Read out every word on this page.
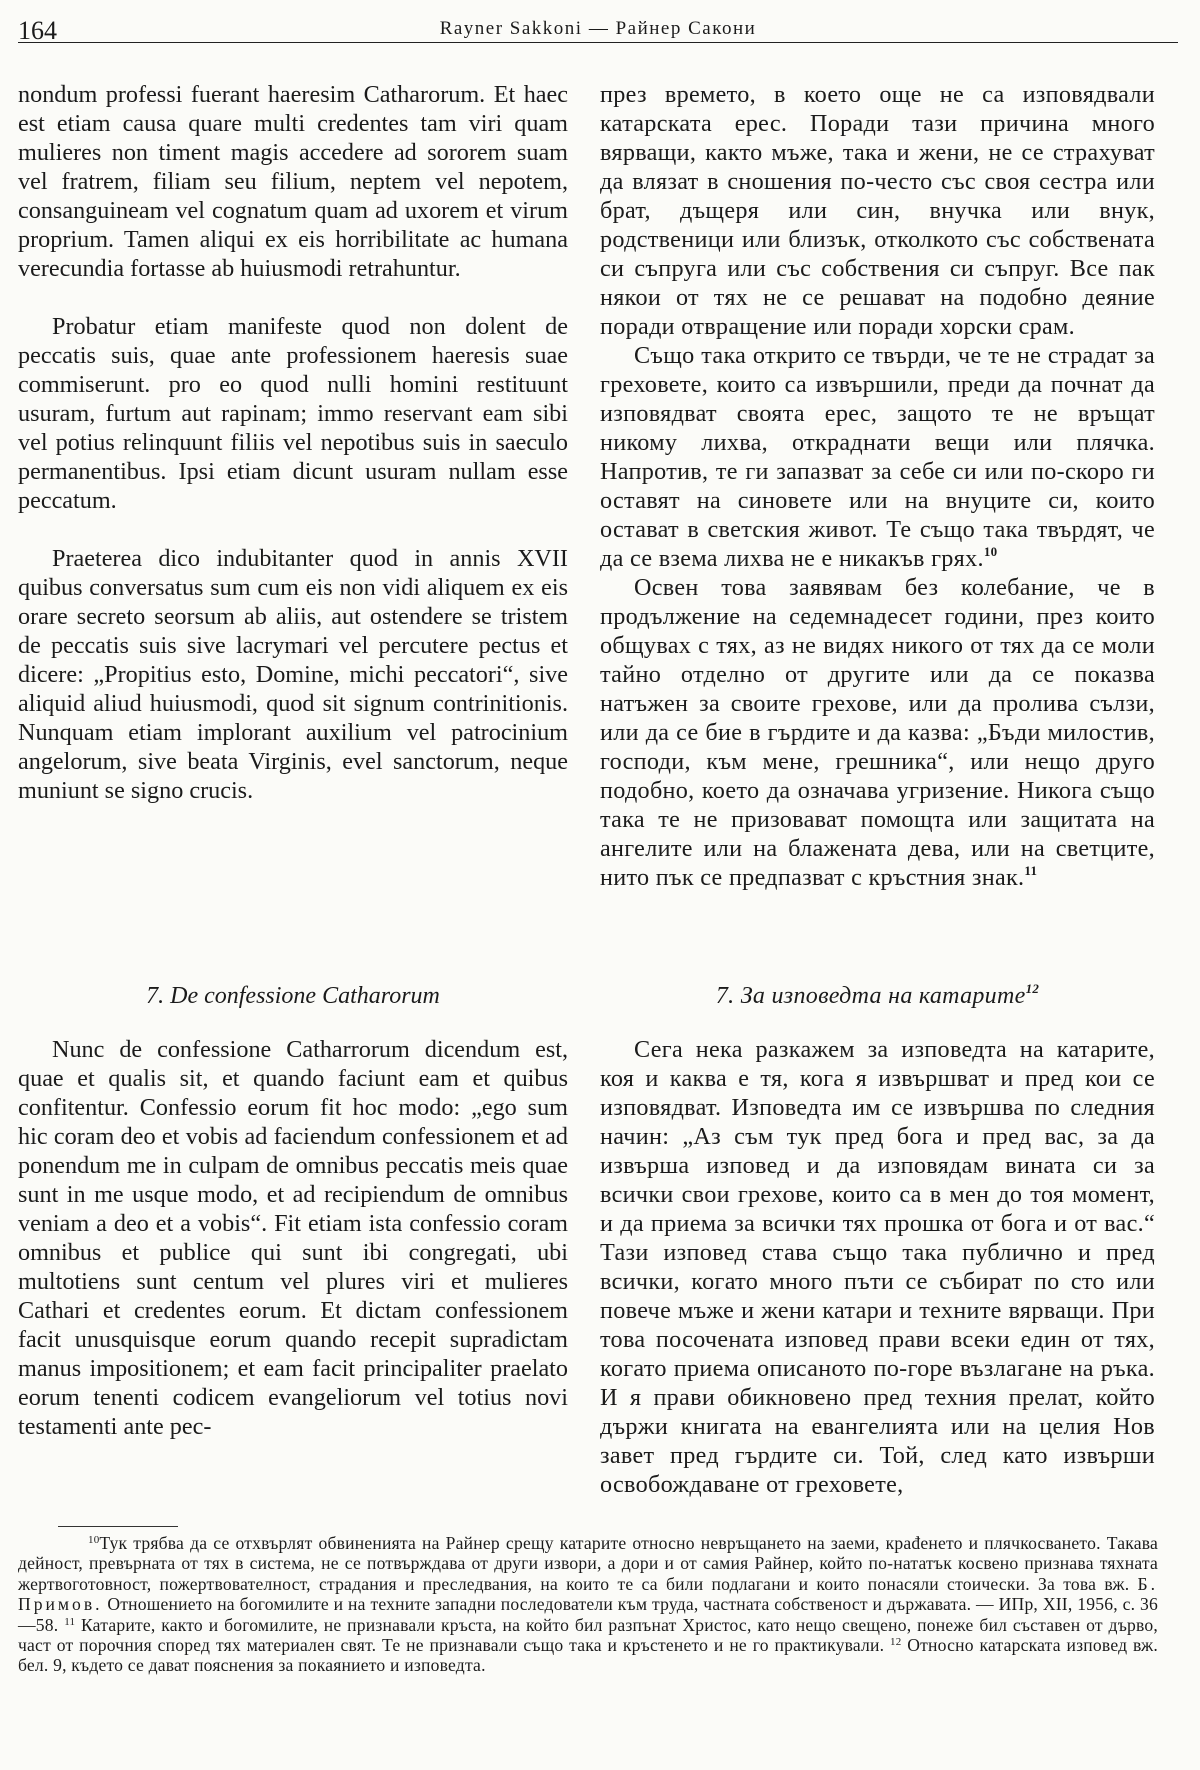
164	Rayner Sakkoni — Райнер Сакони

nondum professi fuerant haeresim Catharorum. Et haec est etiam causa quare multi credentes tam viri quam mulieres non timent magis accedere ad sororem suam vel fratrem, filiam seu filium, neptem vel nepotem, consanguineam vel cognatum quam ad uxorem et virum proprium. Tamen aliqui ex eis horribilitate ac humana verecundia fortasse ab huiusmodi retrahuntur.

Probatur etiam manifeste quod non dolent de peccatis suis, quae ante professionem haeresis suae commiserunt. pro eo quod nulli homini restituunt usuram, furtum aut rapinam; immo reservant eam sibi vel potius relinquunt filiis vel nepotibus suis in saeculo permanentibus. Ipsi etiam dicunt usuram nullam esse peccatum.

Praeterea dico indubitanter quod in annis XVII quibus conversatus sum cum eis non vidi aliquem ex eis orare secreto seorsum ab aliis, aut ostendere se tristem de peccatis suis sive lacrymari vel percutere pectus et dicere: „Propitius esto, Domine, michi peccatori“, sive aliquid aliud huiusmodi, quod sit signum contrinitionis. Nunquam etiam implorant auxilium vel patrocinium angelorum, sive beata Virginis, evel sanctorum, neque muniunt se signo crucis.

7. De confessione Catharorum

Nunc de confessione Catharrorum dicendum est, quae et qualis sit, et quando faciunt eam et quibus confitentur. Confessio eorum fit hoc modo: „ego sum hic coram deo et vobis ad faciendum confessionem et ad ponendum me in culpam de omnibus peccatis meis quae sunt in me usque modo, et ad recipiendum de omnibus veniam a deo et a vobis“. Fit etiam ista confessio coram omnibus et publice qui sunt ibi congregati, ubi multotiens sunt centum vel plures viri et mulieres Cathari et credentes eorum. Et dictam confessionem facit unusquisque eorum quando recepit supradictam manus impositionem; et eam facit principaliter praelato eorum tenenti codicem evangeliorum vel totius novi testamenti ante pec-

през времето, в което още не са изповядвали катарската ерес. Поради тази причина много вярващи, както мъже, така и жени, не се страхуват да влязат в сношения по-често със своя сестра или брат, дъщеря или син, внучка или внук, родственици или близък, отколкото със собствената си съпруга или със собствения си съпруг. Все пак някои от тях не се решават на подобно деяние поради отвращение или поради хорски срам.

Също така открито се твърди, че те не страдат за греховете, които са извършили, преди да почнат да изповядват своята ерес, защото те не връщат никому лихва, откраднати вещи или плячка. Напротив, те ги запазват за себе си или по-скоро ги оставят на синовете или на внуците си, които остават в светския живот. Те също така твърдят, че да се взема лихва не е никакъв грях.$^{10}$

Освен това заявявам без колебание, че в продължение на седемнадесет години, през които общувах с тях, аз не видях никого от тях да се моли тайно отделно от другите или да се показва натъжен за своите грехове, или да пролива сълзи, или да се бие в гърдите и да казва: „Бъди милостив, господи, към мене, грешника“, или нещо друго подобно, което да означава угризение. Никога също така те не призовават помощта или защитата на ангелите или на блажената дева, или на светците, нито пък се предпазват с кръстния знак.$^{11}$

7. За изповедта на катарите$^{12}$

Сега нека разкажем за изповедта на катарите, коя и каква е тя, кога я извършват и пред кои се изповядват. Изповедта им се извършва по следния начин: „Аз съм тук пред бога и пред вас, за да извърша изповед и да изповядам вината си за всички свои грехове, които са в мен до тоя момент, и да приема за всички тях прошка от бога и от вас.“ Тази изповед става също така публично и пред всички, когато много пъти се събират по сто или повече мъже и жени катари и техните вярващи. При това посочената изповед прави всеки един от тях, когато приема описаното по-горе възлагане на ръка. И я прави обикновено пред техния прелат, който държи книгата на евангелията или на целия Нов завет пред гърдите си. Той, след като извърши освобождаване от греховете,

$^{10}$Тук трябва да се отхвърлят обвиненията на Райнер срещу катарите относно невръщането на заеми, крađенето и плячкосването. Такава дейност, превърната от тях в система, не се потвърждава от други извори, а дори и от самия Райнер, който по-нататък косвено признава тяхната жертвоготовност, пожертвователност, страдания и преследвания, на които те са били подлагани и които понасяли стоически. За това вж. Б. Примов. Отношението на богомилите и на техните западни последователи към труда, частната собственост и държавата. — ИПр, XII, 1956, с. 36—58. $^{11}$ Катарите, както и богомилите, не признавали кръста, на който бил разпънат Христос, като нещо свещено, понеже бил съставен от дърво, част от порочния според тях материален свят. Те не признавали също така и кръстенето и не го практикували. $^{12}$ Относно катарската изповед вж. бел. 9, където се дават пояснения за покаянието и изповедта.
